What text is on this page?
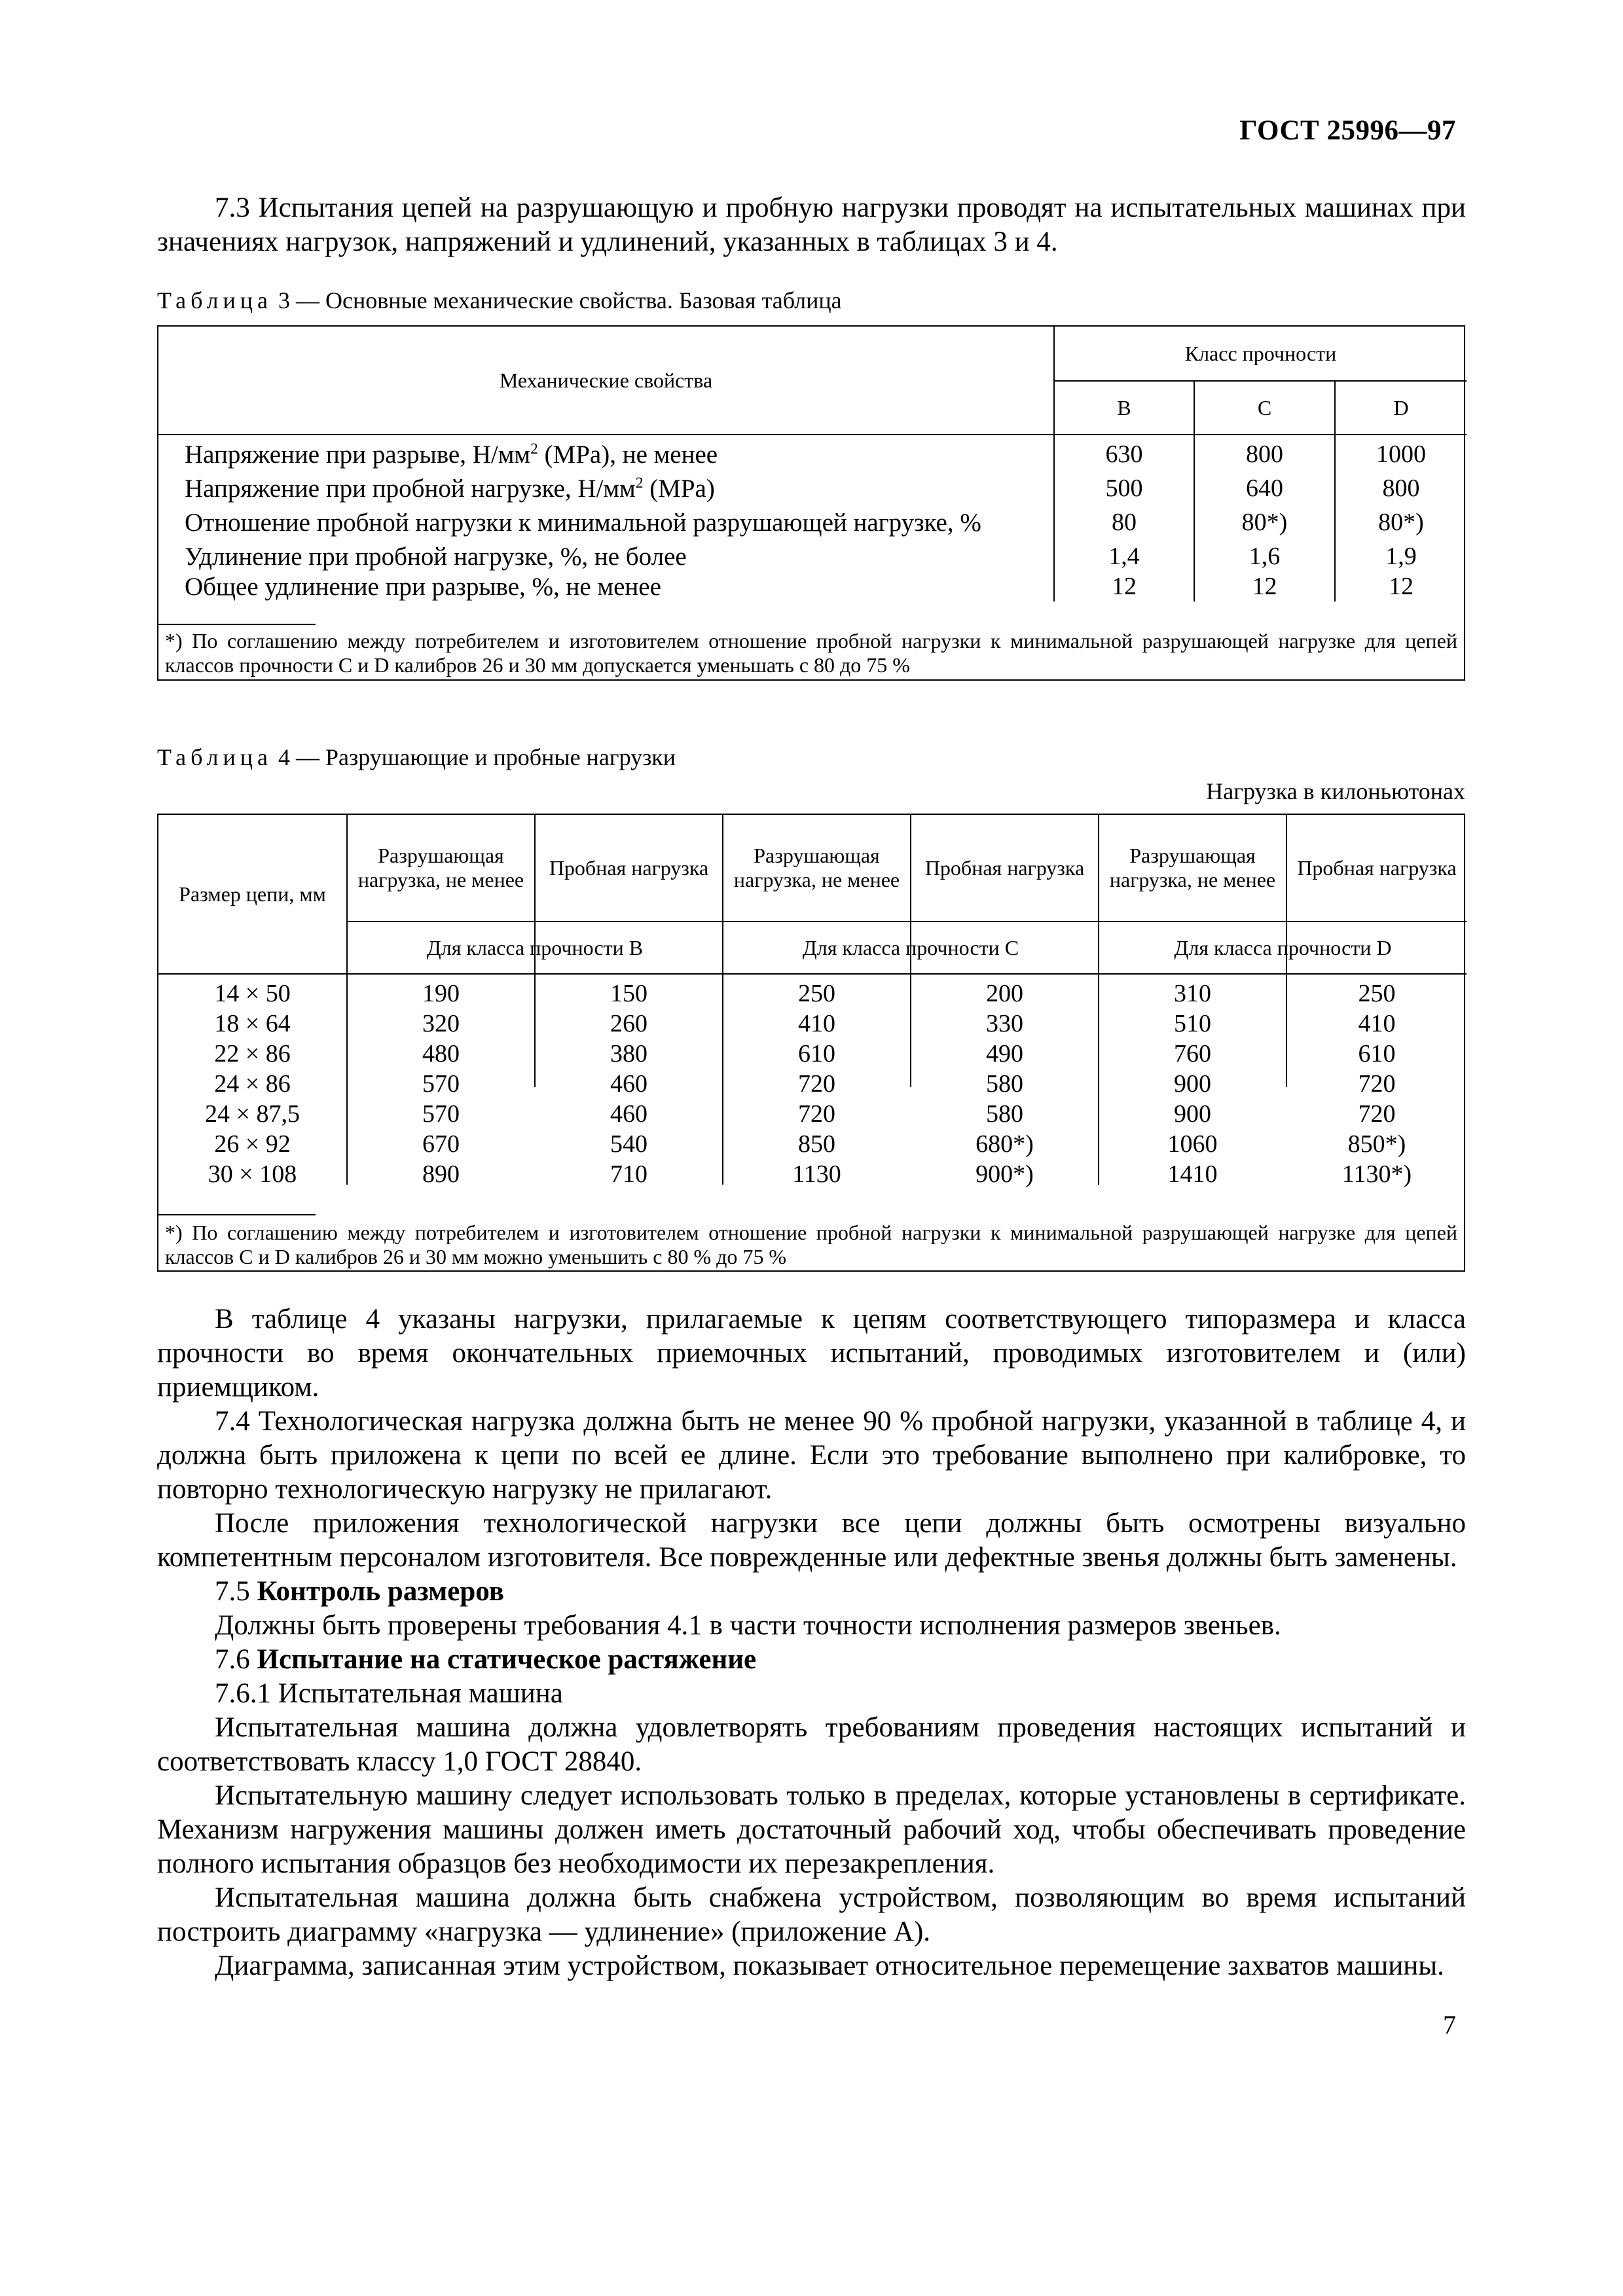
ГОСТ 25996—97
7.3 Испытания цепей на разрушающую и пробную нагрузки проводят на испытательных машинах при значениях нагрузок, напряжений и удлинений, указанных в таблицах 3 и 4.
Таблица 3 — Основные механические свойства. Базовая таблица
Механические свойства
Класс прочности
B	C	D
Напряжение при разрыве, $Н/мм^2$ (MPa), не менее	630	800	1000
Напряжение при пробной нагрузке, $Н/мм^2$ (MPa)	500	640	800
Отношение пробной нагрузки к минимальной разрушающей нагрузке, %	80	80*)	80*)
Удлинение при пробной нагрузке, %, не более	1,4	1,6	1,9
Общее удлинение при разрыве, %, не менее	12	12	12
*) По соглашению между потребителем и изготовителем отношение пробной нагрузки к минимальной разрушающей нагрузке для цепей классов прочности C и D калибров 26 и 30 мм допускается уменьшать с 80 до 75 %
Таблица 4 — Разрушающие и пробные нагрузки
Нагрузка в килоньютонах
Размер цепи, мм
Разрушающая нагрузка, не менее
Пробная нагрузка
Разрушающая нагрузка, не менее
Пробная нагрузка
Разрушающая нагрузка, не менее
Пробная нагрузка
Для класса прочности B	Для класса прочности C	Для класса прочности D
14 × 50	190	150	250	200	310	250
18 × 64	320	260	410	330	510	410
22 × 86	480	380	610	490	760	610
24 × 86	570	460	720	580	900	720
24 × 87,5	570	460	720	580	900	720
26 × 92	670	540	850	680*)	1060	850*)
30 × 108	890	710	1130	900*)	1410	1130*)
*) По соглашению между потребителем и изготовителем отношение пробной нагрузки к минимальной разрушающей нагрузке для цепей классов C и D калибров 26 и 30 мм можно уменьшить с 80 % до 75 %
В таблице 4 указаны нагрузки, прилагаемые к цепям соответствующего типоразмера и класса прочности во время окончательных приемочных испытаний, проводимых изготовителем и (или) приемщиком.
7.4 Технологическая нагрузка должна быть не менее 90 % пробной нагрузки, указанной в таблице 4, и должна быть приложена к цепи по всей ее длине. Если это требование выполнено при калибровке, то повторно технологическую нагрузку не прилагают.
После приложения технологической нагрузки все цепи должны быть осмотрены визуально компетентным персоналом изготовителя. Все поврежденные или дефектные звенья должны быть заменены.
7.5 Контроль размеров
Должны быть проверены требования 4.1 в части точности исполнения размеров звеньев.
7.6 Испытание на статическое растяжение
7.6.1 Испытательная машина
Испытательная машина должна удовлетворять требованиям проведения настоящих испытаний и соответствовать классу 1,0 ГОСТ 28840.
Испытательную машину следует использовать только в пределах, которые установлены в сертификате. Механизм нагружения машины должен иметь достаточный рабочий ход, чтобы обеспечивать проведение полного испытания образцов без необходимости их перезакрепления.
Испытательная машина должна быть снабжена устройством, позволяющим во время испытаний построить диаграмму «нагрузка — удлинение» (приложение А).
Диаграмма, записанная этим устройством, показывает относительное перемещение захватов машины.
7
